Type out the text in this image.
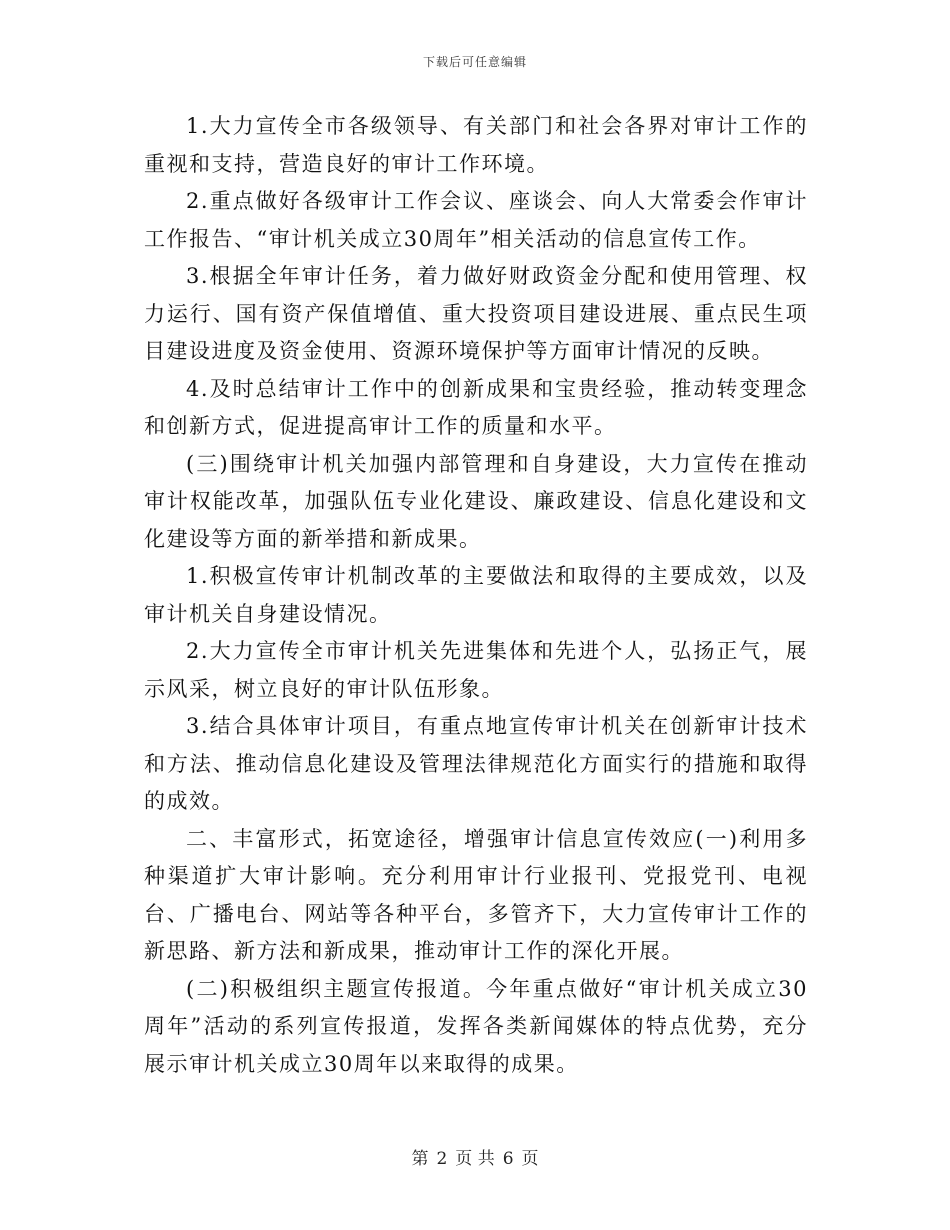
下载后可任意编辑

1.大力宣传全市各级领导、有关部门和社会各界对审计工作的重视和支持，营造良好的审计工作环境。

2.重点做好各级审计工作会议、座谈会、向人大常委会作审计工作报告、“审计机关成立30周年”相关活动的信息宣传工作。

3.根据全年审计任务，着力做好财政资金分配和使用管理、权力运行、国有资产保值增值、重大投资项目建设进展、重点民生项目建设进度及资金使用、资源环境保护等方面审计情况的反映。

4.及时总结审计工作中的创新成果和宝贵经验，推动转变理念和创新方式，促进提高审计工作的质量和水平。

(三)围绕审计机关加强内部管理和自身建设，大力宣传在推动审计权能改革，加强队伍专业化建设、廉政建设、信息化建设和文化建设等方面的新举措和新成果。

1.积极宣传审计机制改革的主要做法和取得的主要成效，以及审计机关自身建设情况。

2.大力宣传全市审计机关先进集体和先进个人，弘扬正气，展示风采，树立良好的审计队伍形象。

3.结合具体审计项目，有重点地宣传审计机关在创新审计技术和方法、推动信息化建设及管理法律规范化方面实行的措施和取得的成效。

二、丰富形式，拓宽途径，增强审计信息宣传效应(一)利用多种渠道扩大审计影响。充分利用审计行业报刊、党报党刊、电视台、广播电台、网站等各种平台，多管齐下，大力宣传审计工作的新思路、新方法和新成果，推动审计工作的深化开展。

(二)积极组织主题宣传报道。今年重点做好“审计机关成立30周年”活动的系列宣传报道，发挥各类新闻媒体的特点优势，充分展示审计机关成立30周年以来取得的成果。

第 2 页 共 6 页
